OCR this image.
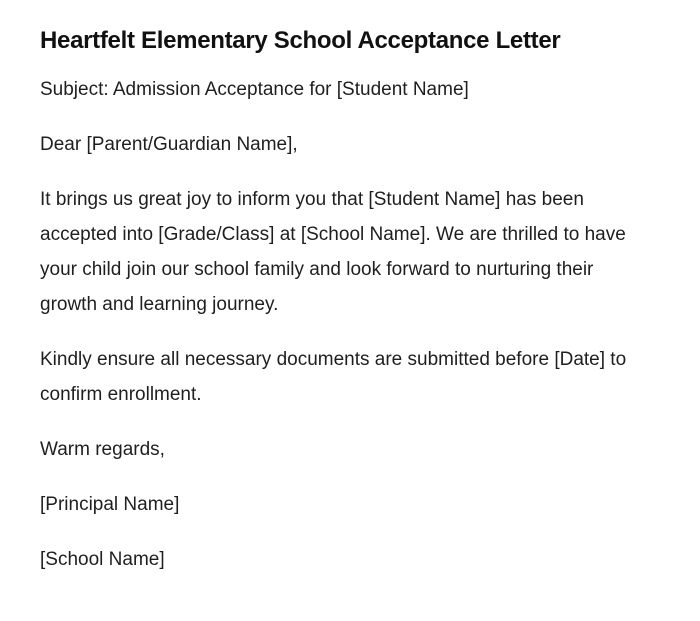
Heartfelt Elementary School Acceptance Letter

Subject: Admission Acceptance for [Student Name]

Dear [Parent/Guardian Name],

It brings us great joy to inform you that [Student Name] has been accepted into [Grade/Class] at [School Name]. We are thrilled to have your child join our school family and look forward to nurturing their growth and learning journey.

Kindly ensure all necessary documents are submitted before [Date] to confirm enrollment.

Warm regards,

[Principal Name]

[School Name]
